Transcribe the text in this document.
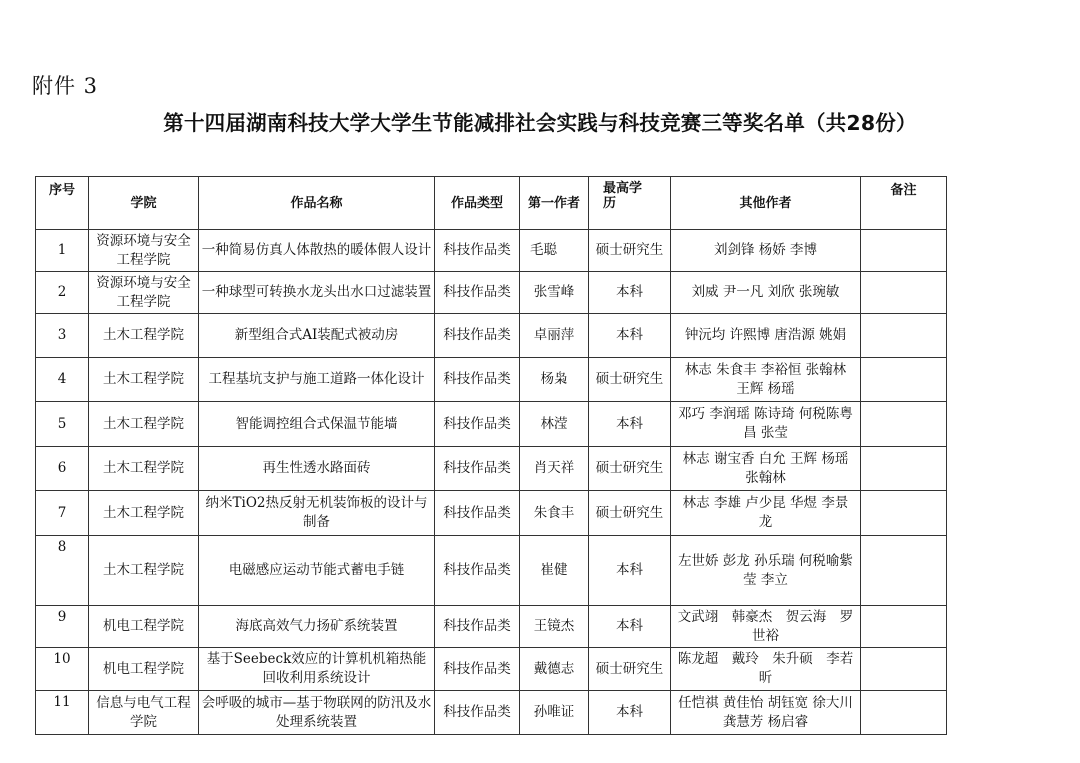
附件 3
第十四届湖南科技大学大学生节能减排社会实践与科技竞赛三等奖名单（共28份）
序号	学院	作品名称	作品类型	第一作者	最高学历	其他作者	备注
1	资源环境与安全工程学院	一种简易仿真人体散热的暖体假人设计	科技作品类	毛聪	硕士研究生	刘剑锋 杨娇 李博	
2	资源环境与安全工程学院	一种球型可转换水龙头出水口过滤装置	科技作品类	张雪峰	本科	刘威 尹一凡 刘欣 张琬敏	
3	土木工程学院	新型组合式AI装配式被动房	科技作品类	卓丽萍	本科	钟沅均 许熙博 唐浩源 姚娟	
4	土木工程学院	工程基坑支护与施工道路一体化设计	科技作品类	杨枭	硕士研究生	林志 朱食丰 李裕恒 张翰林 王辉 杨瑶	
5	土木工程学院	智能调控组合式保温节能墙	科技作品类	林滢	本科	邓巧 李润瑶 陈诗琦 何税陈粤昌 张莹	
6	土木工程学院	再生性透水路面砖	科技作品类	肖天祥	硕士研究生	林志 谢宝香 白允 王辉 杨瑶 张翰林	
7	土木工程学院	纳米TiO2热反射无机装饰板的设计与制备	科技作品类	朱食丰	硕士研究生	林志 李雄 卢少昆 华煜 李景龙	
8	土木工程学院	电磁感应运动节能式蓄电手链	科技作品类	崔健	本科	左世娇 彭龙 孙乐瑞 何税喻紫莹 李立	
9	机电工程学院	海底高效气力扬矿系统装置	科技作品类	王镜杰	本科	文武翊　韩豪杰　贺云海　罗世裕	
10	机电工程学院	基于Seebeck效应的计算机机箱热能回收利用系统设计	科技作品类	戴德志	硕士研究生	陈龙超　戴玲　朱升硕　李若昕	
11	信息与电气工程学院	会呼吸的城市—基于物联网的防汛及水处理系统装置	科技作品类	孙唯证	本科	任恺祺 黄佳怡 胡钰宽 徐大川 龚慧芳 杨启睿	
